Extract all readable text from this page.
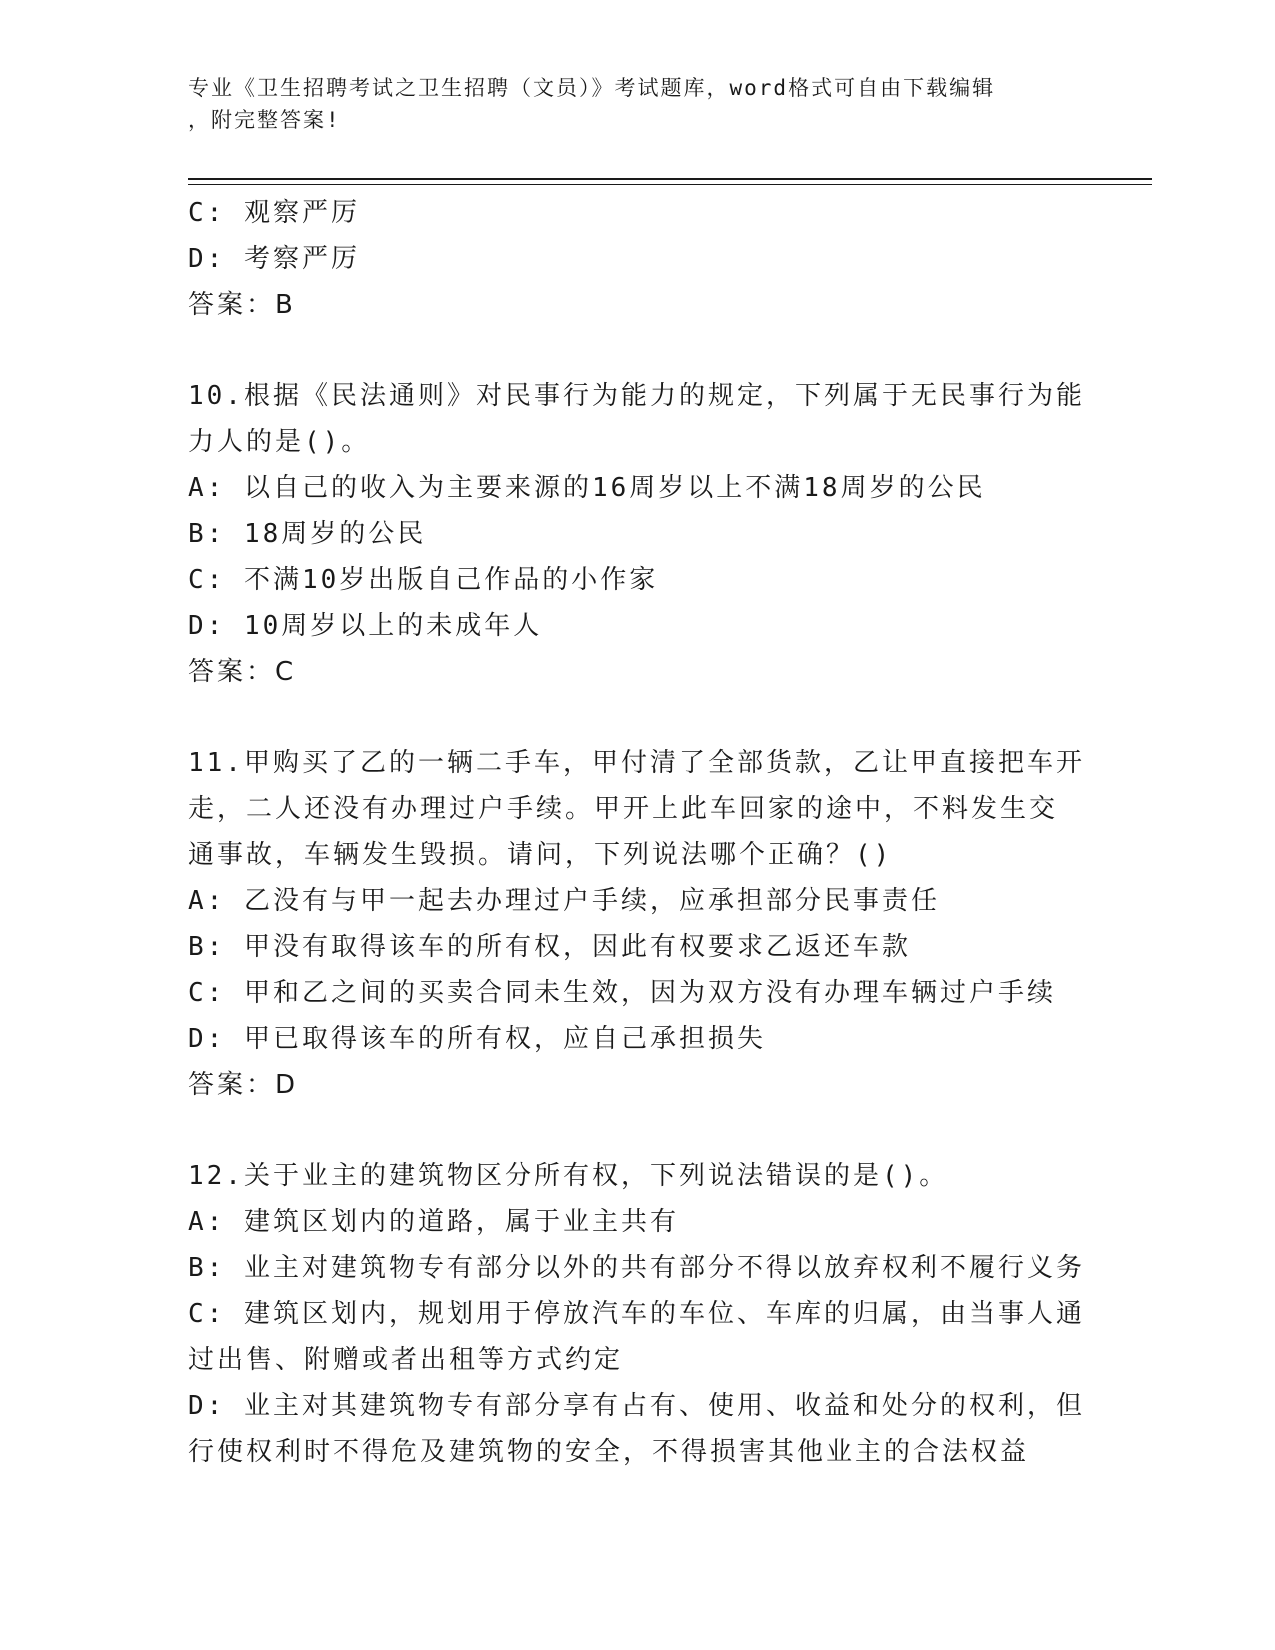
专业《卫生招聘考试之卫生招聘（文员）》考试题库，word格式可自由下载编辑
，附完整答案!

C: 观察严厉

D: 考察严厉

答案：B

10.根据《民法通则》对民事行为能力的规定，下列属于无民事行为能
力人的是()。

A: 以自己的收入为主要来源的16周岁以上不满18周岁的公民

B: 18周岁的公民

C: 不满10岁出版自己作品的小作家

D: 10周岁以上的未成年人

答案：C

11.甲购买了乙的一辆二手车，甲付清了全部货款，乙让甲直接把车开
走，二人还没有办理过户手续。甲开上此车回家的途中，不料发生交
通事故，车辆发生毁损。请问，下列说法哪个正确？()

A: 乙没有与甲一起去办理过户手续，应承担部分民事责任

B: 甲没有取得该车的所有权，因此有权要求乙返还车款

C: 甲和乙之间的买卖合同未生效，因为双方没有办理车辆过户手续

D: 甲已取得该车的所有权，应自己承担损失

答案：D

12.关于业主的建筑物区分所有权，下列说法错误的是()。

A: 建筑区划内的道路，属于业主共有

B: 业主对建筑物专有部分以外的共有部分不得以放弃权利不履行义务

C: 建筑区划内，规划用于停放汽车的车位、车库的归属，由当事人通

过出售、附赠或者出租等方式约定

D: 业主对其建筑物专有部分享有占有、使用、收益和处分的权利，但

行使权利时不得危及建筑物的安全，不得损害其他业主的合法权益
